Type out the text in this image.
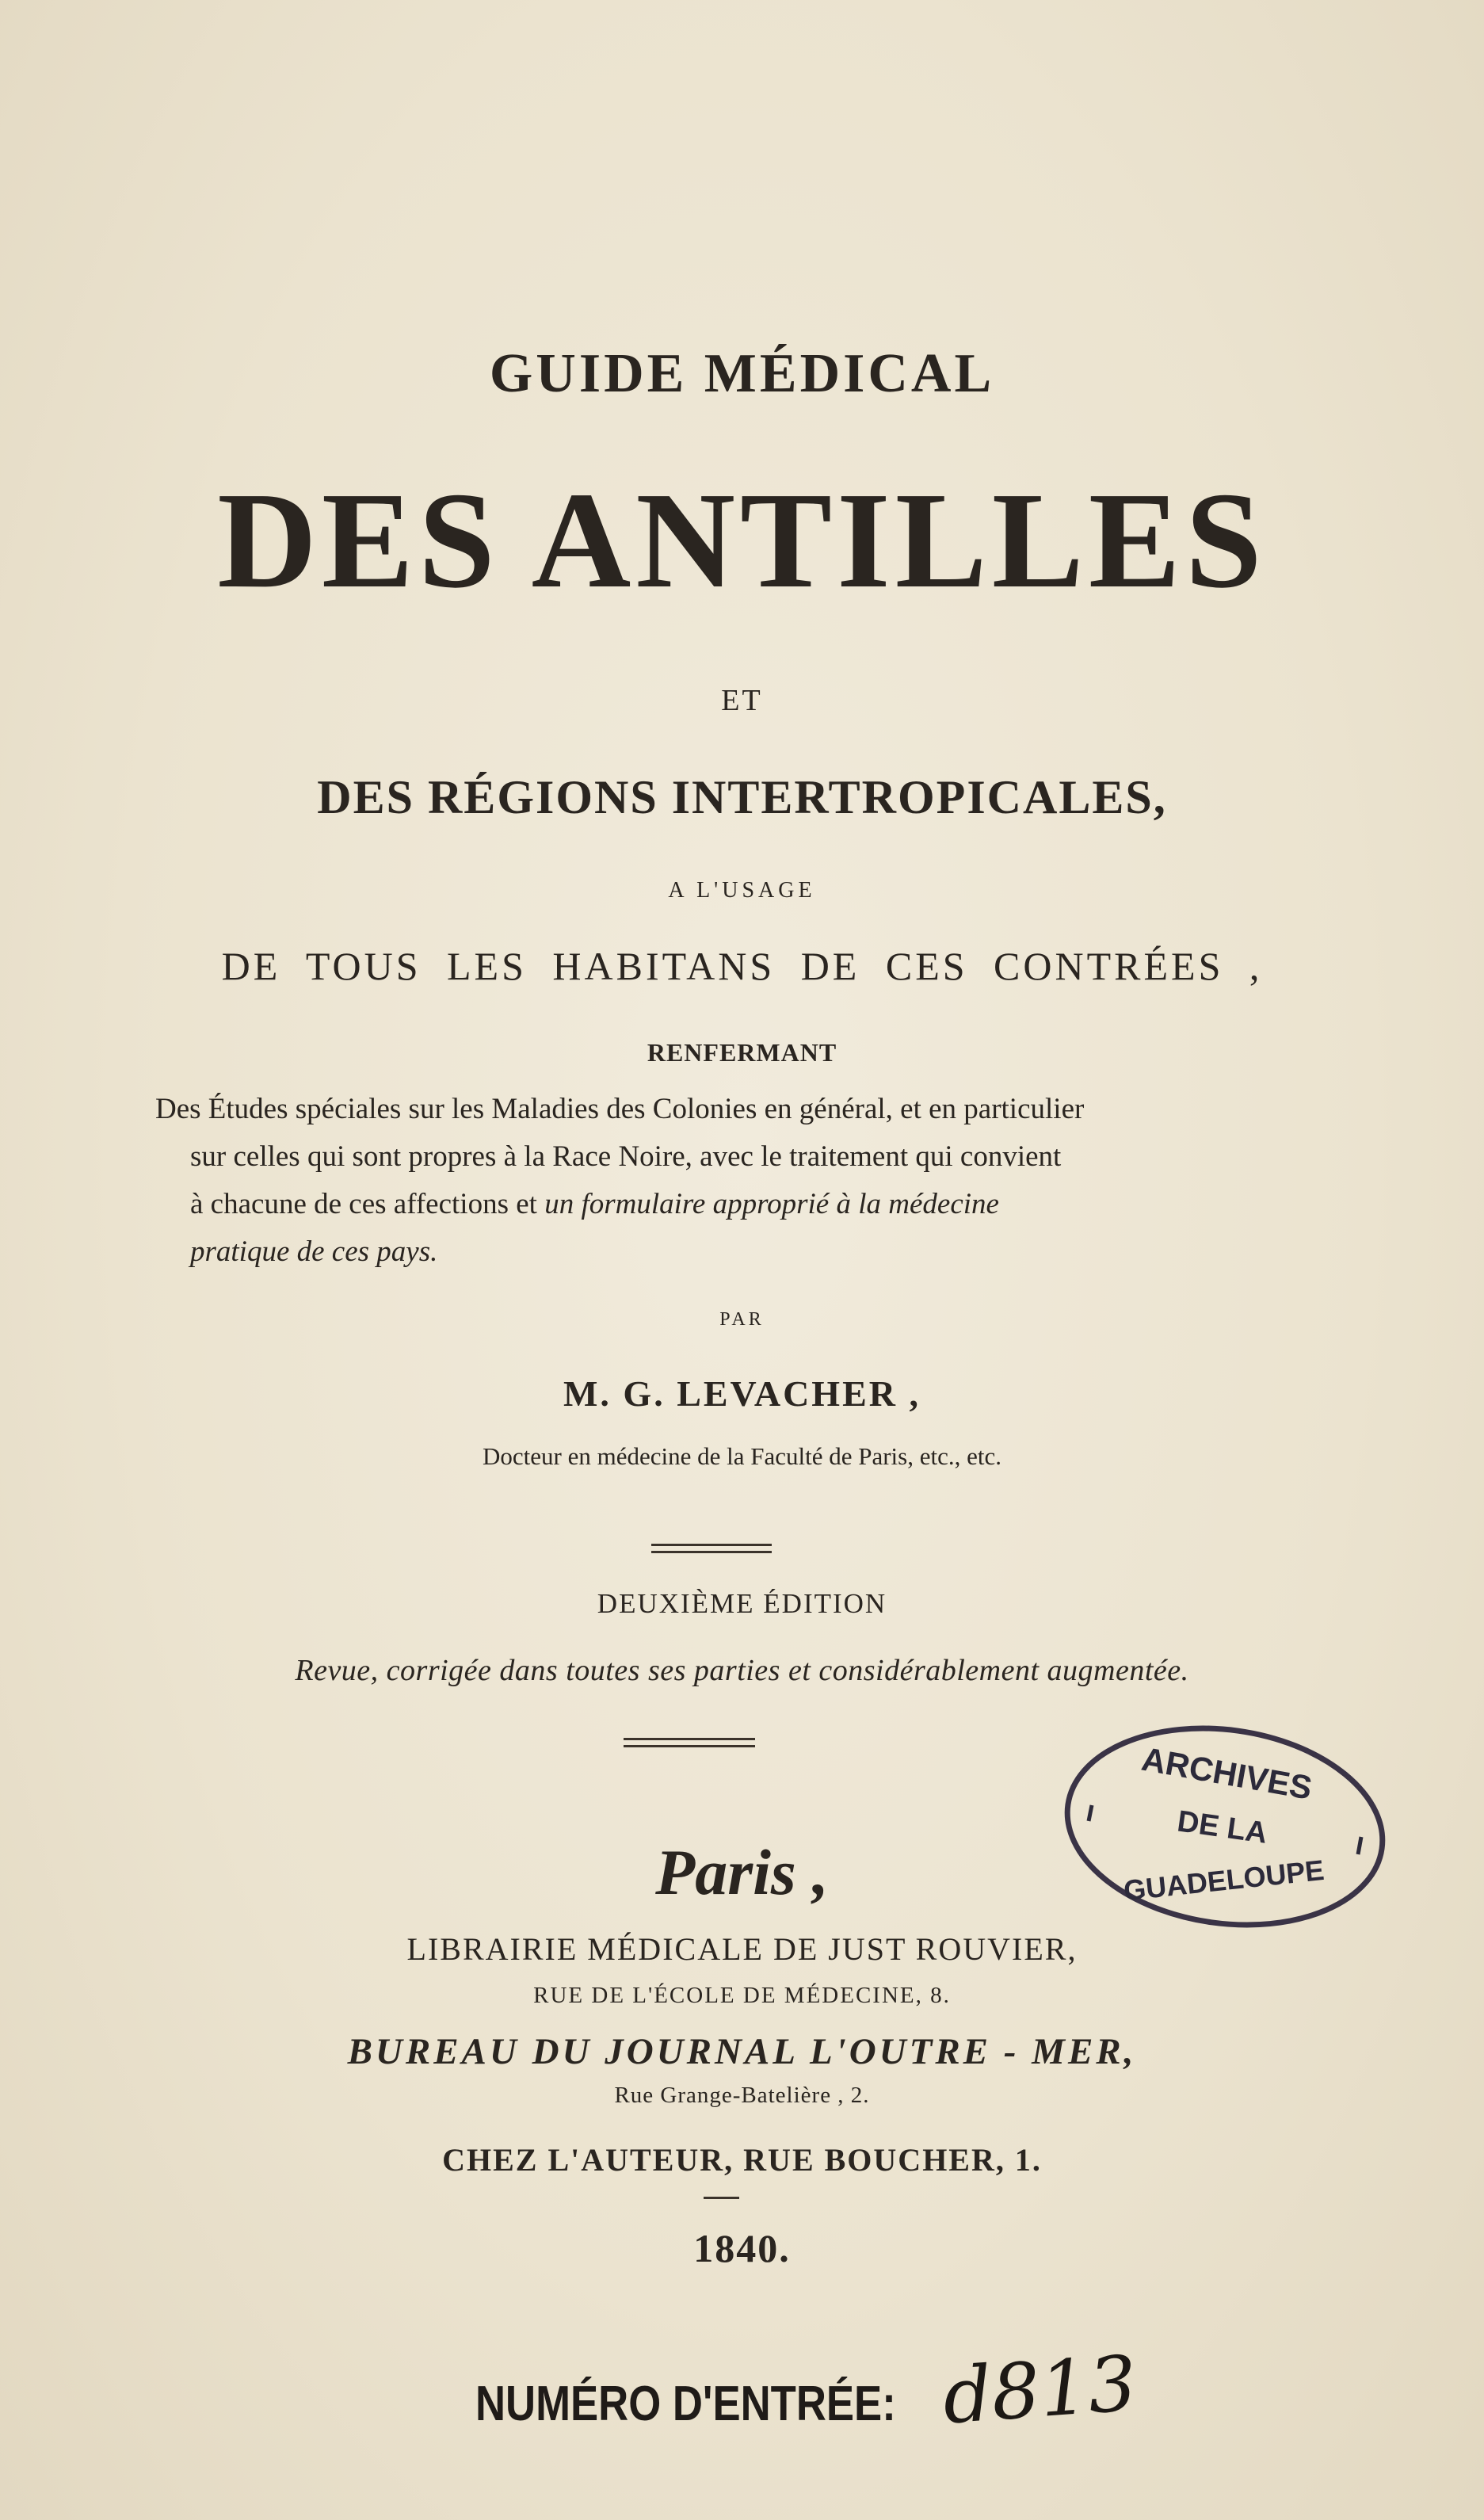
GUIDE MÉDICAL
DES ANTILLES
ET
DES RÉGIONS INTERTROPICALES,
A L'USAGE
DE TOUS LES HABITANS DE CES CONTRÉES ,
RENFERMANT
Des Études spéciales sur les Maladies des Colonies en général, et en particulier
sur celles qui sont propres à la Race Noire, avec le traitement qui convient
à chacune de ces affections et un formulaire approprié à la médecine
pratique de ces pays.
PAR
M. G. LEVACHER ,
Docteur en médecine de la Faculté de Paris, etc., etc.
DEUXIÈME ÉDITION
Revue, corrigée dans toutes ses parties et considérablement augmentée.
Paris ,
LIBRAIRIE MÉDICALE DE JUST ROUVIER,
RUE DE L'ÉCOLE DE MÉDECINE, 8.
BUREAU DU JOURNAL L'OUTRE - MER,
Rue Grange-Batelière , 2.
CHEZ L'AUTEUR, RUE BOUCHER, 1.
1840.
ARCHIVES
DE LA
GUADELOUPE
NUMÉRO D'ENTRÉE: d813
